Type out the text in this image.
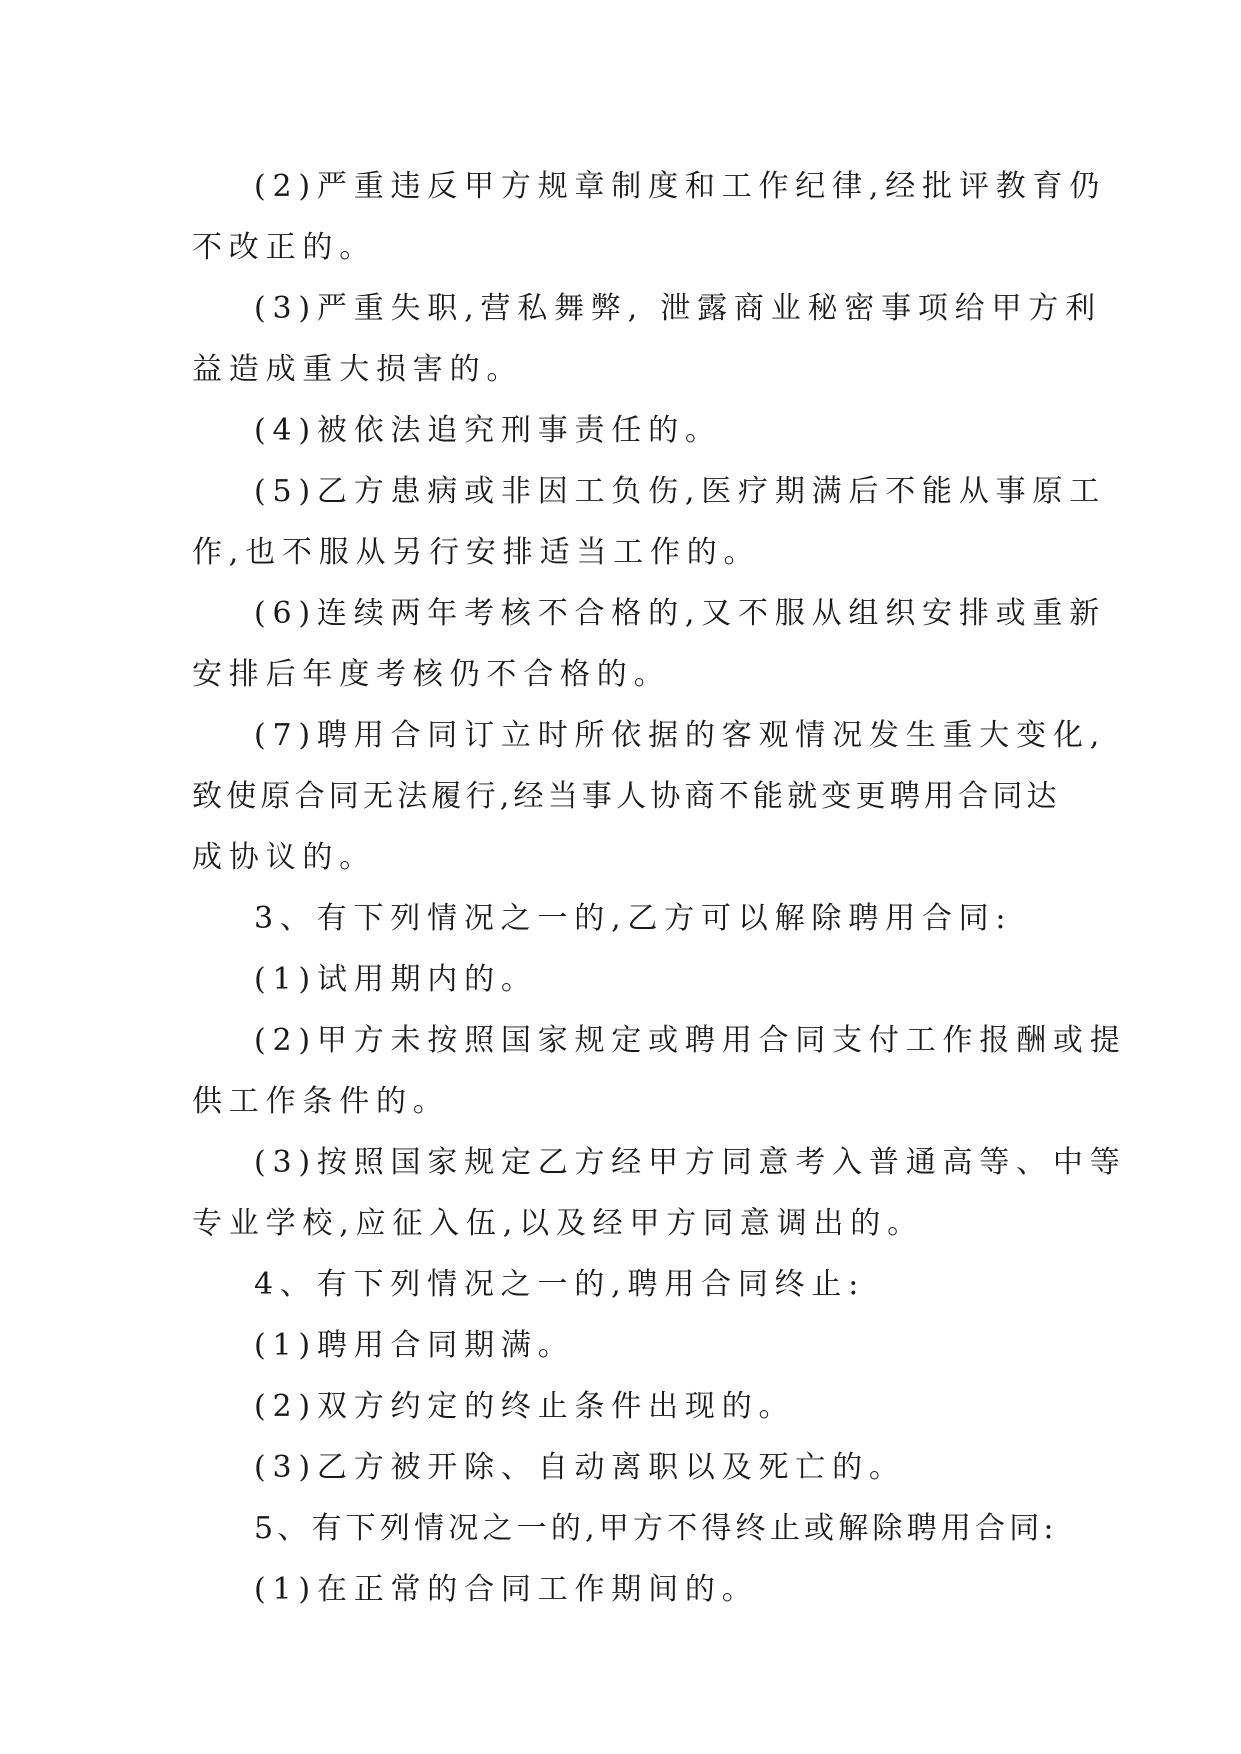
(2)严重违反甲方规章制度和工作纪律,经批评教育仍
不改正的。
(3)严重失职,营私舞弊, 泄露商业秘密事项给甲方利
益造成重大损害的。
(4)被依法追究刑事责任的。
(5)乙方患病或非因工负伤,医疗期满后不能从事原工
作,也不服从另行安排适当工作的。
(6)连续两年考核不合格的,又不服从组织安排或重新
安排后年度考核仍不合格的。
(7)聘用合同订立时所依据的客观情况发生重大变化,
致使原合同无法履行,经当事人协商不能就变更聘用合同达
成协议的。
3、有下列情况之一的,乙方可以解除聘用合同:
(1)试用期内的。
(2)甲方未按照国家规定或聘用合同支付工作报酬或提
供工作条件的。
(3)按照国家规定乙方经甲方同意考入普通高等、中等
专业学校,应征入伍,以及经甲方同意调出的。
4、有下列情况之一的,聘用合同终止:
(1)聘用合同期满。
(2)双方约定的终止条件出现的。
(3)乙方被开除、自动离职以及死亡的。
5、有下列情况之一的,甲方不得终止或解除聘用合同:
(1)在正常的合同工作期间的。
